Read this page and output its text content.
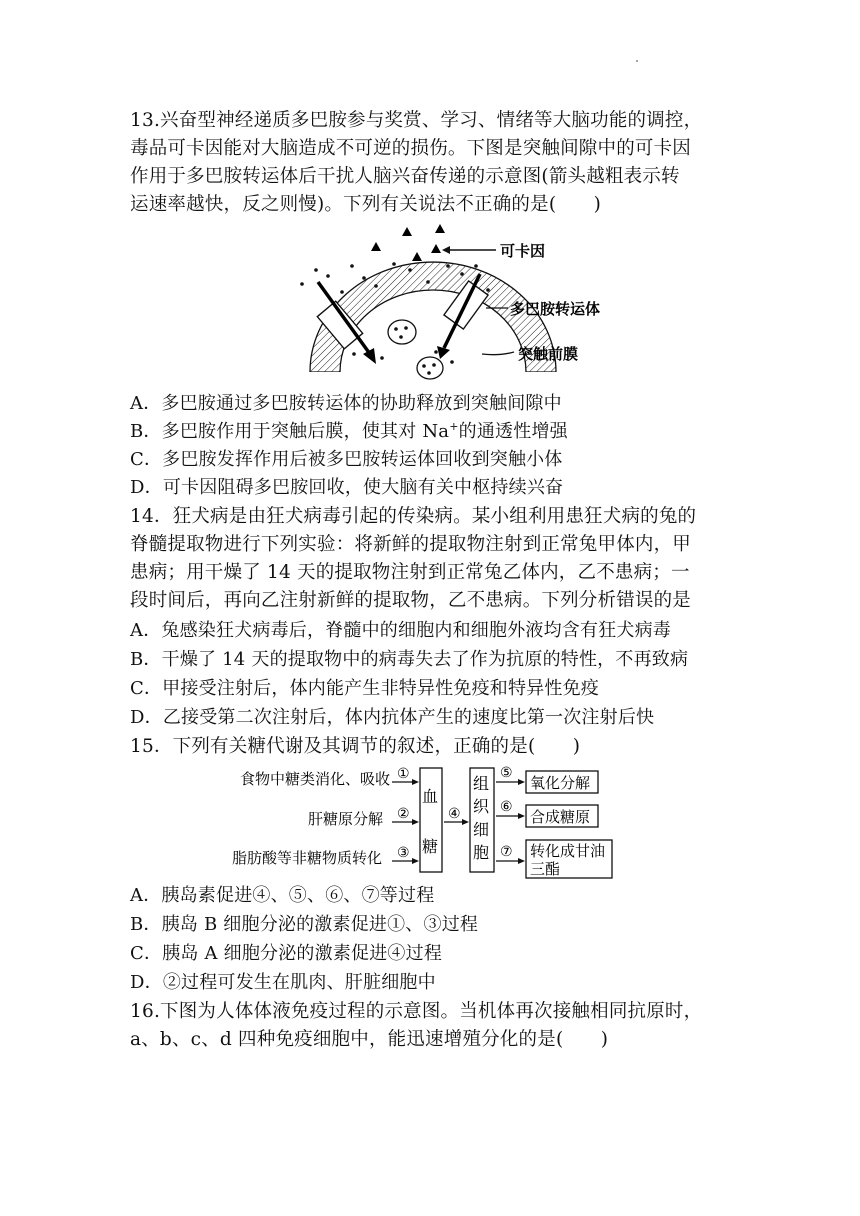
13.兴奋型神经递质多巴胺参与奖赏、学习、情绪等大脑功能的调控，
毒品可卡因能对大脑造成不可逆的损伤。下图是突触间隙中的可卡因
作用于多巴胺转运体后干扰人脑兴奋传递的示意图(箭头越粗表示转
运速率越快，反之则慢)。下列有关说法不正确的是(　　)
可卡因
多巴胺转运体
突触前膜
A．多巴胺通过多巴胺转运体的协助释放到突触间隙中
B．多巴胺作用于突触后膜，使其对 Na+的通透性增强
C．多巴胺发挥作用后被多巴胺转运体回收到突触小体
D．可卡因阻碍多巴胺回收，使大脑有关中枢持续兴奋
14．狂犬病是由狂犬病毒引起的传染病。某小组利用患狂犬病的兔的
脊髓提取物进行下列实验：将新鲜的提取物注射到正常兔甲体内，甲
患病；用干燥了 14 天的提取物注射到正常兔乙体内，乙不患病；一
段时间后，再向乙注射新鲜的提取物，乙不患病。下列分析错误的是
A．兔感染狂犬病毒后，脊髓中的细胞内和细胞外液均含有狂犬病毒
B．干燥了 14 天的提取物中的病毒失去了作为抗原的特性，不再致病
C．甲接受注射后，体内能产生非特异性免疫和特异性免疫
D．乙接受第二次注射后，体内抗体产生的速度比第一次注射后快
15．下列有关糖代谢及其调节的叙述，正确的是(　　)
食物中糖类消化、吸收
肝糖原分解
脂肪酸等非糖物质转化
①
②
③
血
糖
④
组
织
细
胞
⑤
⑥
⑦
氧化分解
合成糖原
转化成甘油
三酯
A．胰岛素促进④、⑤、⑥、⑦等过程
B．胰岛 B 细胞分泌的激素促进①、③过程
C．胰岛 A 细胞分泌的激素促进④过程
D．②过程可发生在肌肉、肝脏细胞中
16.下图为人体体液免疫过程的示意图。当机体再次接触相同抗原时，
a、b、c、d 四种免疫细胞中，能迅速增殖分化的是(　　)
